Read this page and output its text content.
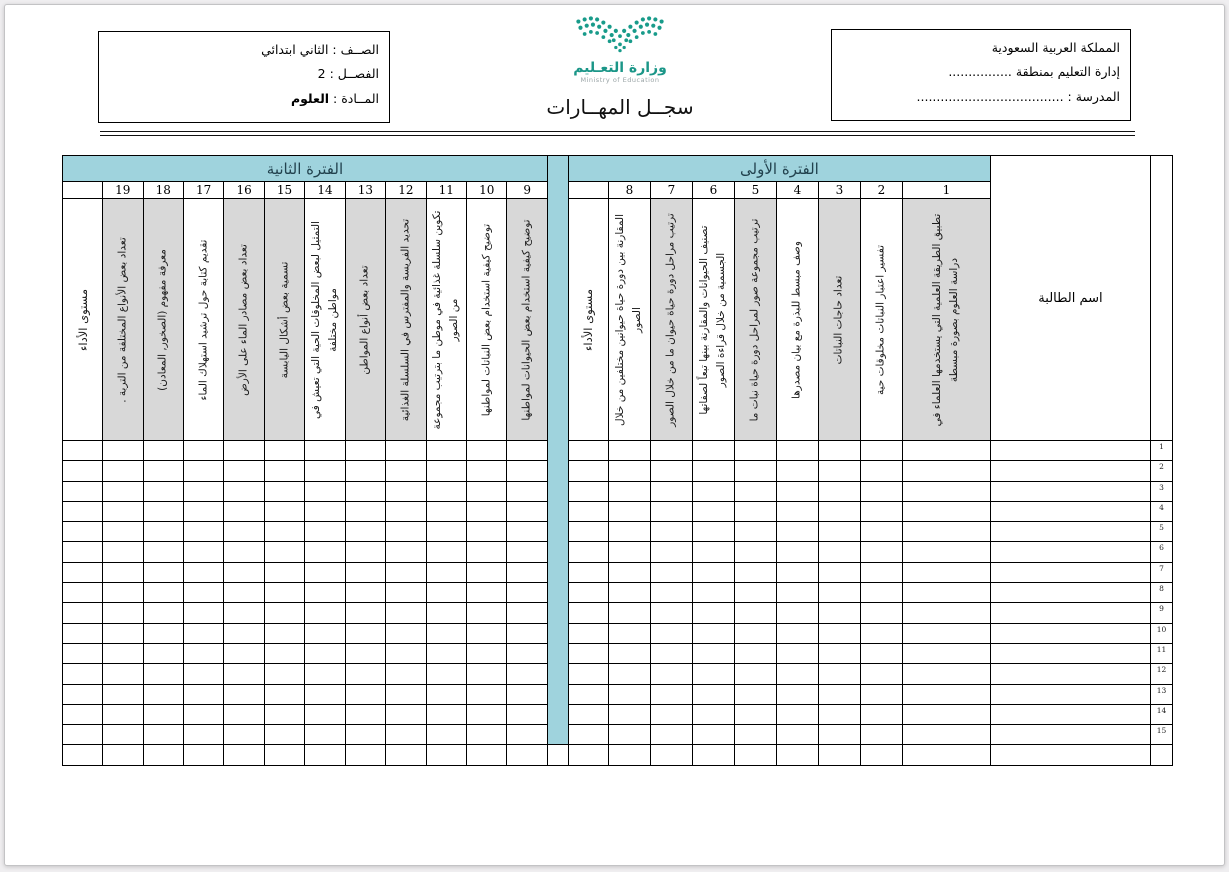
الصــف : الثاني ابتدائي
الفصــل : 2
المــادة : العلوم
وزارة التعـليم
Ministry of Education
سجــل المهــارات
المملكة العربية السعودية
إدارة التعليم بمنطقة ................
المدرسة : .....................................
	اسم الطالبة	الفترة الأولى										الفترة الثانية											
		1	2	3	4	5	6	7	8			9	10	11	12	13	14	15	16	17	18	19	

		تطبيق الطريقة العلمية التي يستخدمها العلماء في دراسة العلوم بصورة مبسطة	تفسير اعتبار النباتات مخلوقات حية	تعداد حاجات النباتات	وصف مبسط للبذرة مع بيان مصدرها	ترتيب مجموعة صور لمراحل دورة حياة نبات ما	تصنيف الحيوانات والمقارنة بينها تبعاً لصفاتها الجسمية من خلال قراءة الصور	ترتيب مراحل دورة حياة حيوان ما من خلال الصور	المقارنة بين دورة حياة حيوانين مختلفين من خلال الصور	مستوى الأداء		توضيح كيفية استخدام بعض الحيوانات لمواطنها	توضيح كيفية استخدام بعض النباتات لمواطنها	تكوين سلسلة غذائية في موطن ما بترتيب مجموعة من الصور	تحديد الفريسة والمفترس في السلسلة الغذائية	تعداد بعض أنواع المواطن	التمثيل لبعض المخلوقات الحية التي تعيش في مواطن مختلفة	تسمية بعض أشكال اليابسة	تعداد بعض مصادر الماء على الأرض	تقديم كتابة حول ترشيد استهلاك الماء	معرفة مفهوم (الصخور, المعادن)	تعداد بعض الأنواع المختلفة من التربة .	مستوى الأداء

1																							
2																							
3																							
4																							
5																							
6																							
7																							
8																							
9																							
10																							
11																							
12																							
13																							
14																							
15																							
